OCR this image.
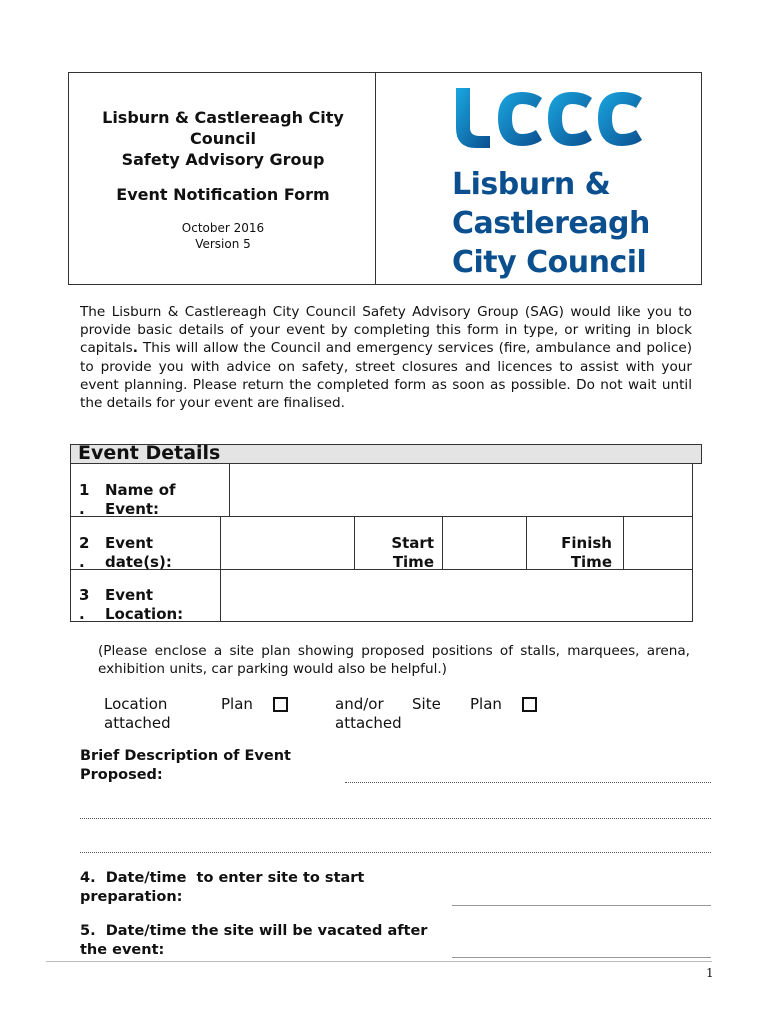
Lisburn & Castlereagh City
Council
Safety Advisory Group
Event Notification Form
October 2016
Version 5
Lisburn &
Castlereagh
City Council
The Lisburn & Castlereagh City Council Safety Advisory Group (SAG) would like you to provide basic details of your event by completing this form in type, or writing in block capitals. This will allow the Council and emergency services (fire, ambulance and police) to provide you with advice on safety, street closures and licences to assist with your event planning. Please return the completed form as soon as possible. Do not wait until the details for your event are finalised.
Event Details
1
.
Name of
Event:
2
.
Event
date(s):
Start
Time
Finish
Time
3
.
Event
Location:
(Please enclose a site plan showing proposed positions of stalls, marquees, arena, exhibition units, car parking would also be helpful.)
Location
attached
Plan	and/or
attached
Site Plan
Brief Description of Event
Proposed:
4.  Date/time  to enter site to start
preparation:
5.  Date/time the site will be vacated after
the event:
1
